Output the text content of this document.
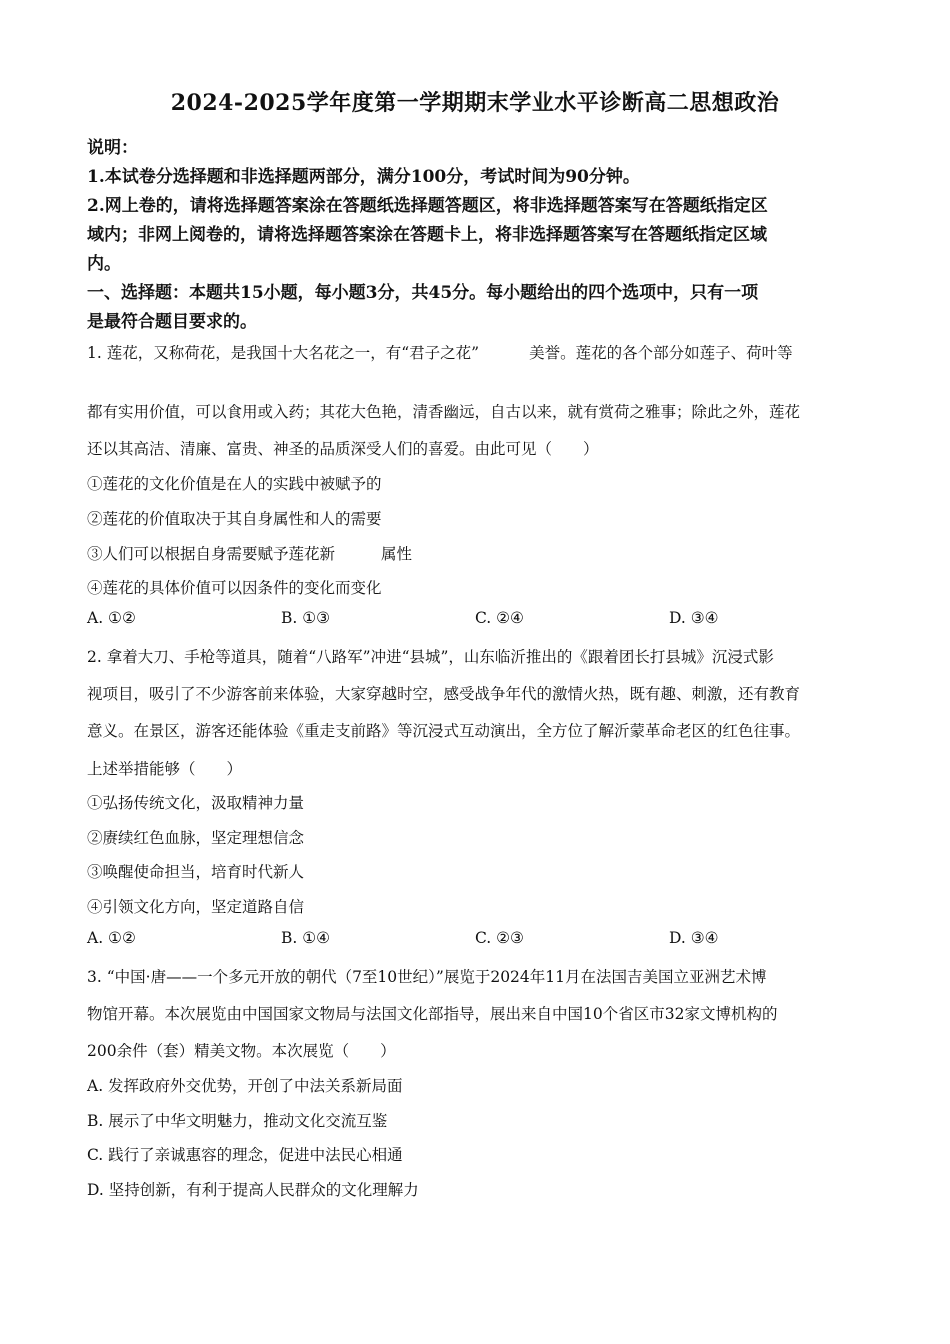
2024-2025学年度第一学期期末学业水平诊断高二思想政治
说明：
1.本试卷分选择题和非选择题两部分，满分100分，考试时间为90分钟。
2.网上卷的，请将选择题答案涂在答题纸选择题答题区，将非选择题答案写在答题纸指定区
域内；非网上阅卷的，请将选择题答案涂在答题卡上，将非选择题答案写在答题纸指定区域
内。
一、选择题：本题共15小题，每小题3分，共45分。每小题给出的四个选项中，只有一项
是最符合题目要求的。
1. 莲花，又称荷花，是我国十大名花之一，有“君子之花”	美誉。莲花的各个部分如莲子、荷叶等
都有实用价值，可以食用或入药；其花大色艳，清香幽远，自古以来，就有赏荷之雅事；除此之外，莲花
还以其高洁、清廉、富贵、神圣的品质深受人们的喜爱。由此可见（　　）
①莲花的文化价值是在人的实践中被赋予的
②莲花的价值取决于其自身属性和人的需要
③人们可以根据自身需要赋予莲花新	属性
④莲花的具体价值可以因条件的变化而变化
A. ①②	B. ①③	C. ②④	D. ③④
2. 拿着大刀、手枪等道具，随着“八路军”冲进“县城”，山东临沂推出的《跟着团长打县城》沉浸式影
视项目，吸引了不少游客前来体验，大家穿越时空，感受战争年代的激情火热，既有趣、刺激，还有教育
意义。在景区，游客还能体验《重走支前路》等沉浸式互动演出，全方位了解沂蒙革命老区的红色往事。
上述举措能够（　　）
①弘扬传统文化，汲取精神力量
②赓续红色血脉，坚定理想信念
③唤醒使命担当，培育时代新人
④引领文化方向，坚定道路自信
A. ①②	B. ①④	C. ②③	D. ③④
3. “中国·唐——一个多元开放的朝代（7至10世纪）”展览于2024年11月在法国吉美国立亚洲艺术博
物馆开幕。本次展览由中国国家文物局与法国文化部指导，展出来自中国10个省区市32家文博机构的
200余件（套）精美文物。本次展览（　　）
A. 发挥政府外交优势，开创了中法关系新局面
B. 展示了中华文明魅力，推动文化交流互鉴
C. 践行了亲诚惠容的理念，促进中法民心相通
D. 坚持创新，有利于提高人民群众的文化理解力
